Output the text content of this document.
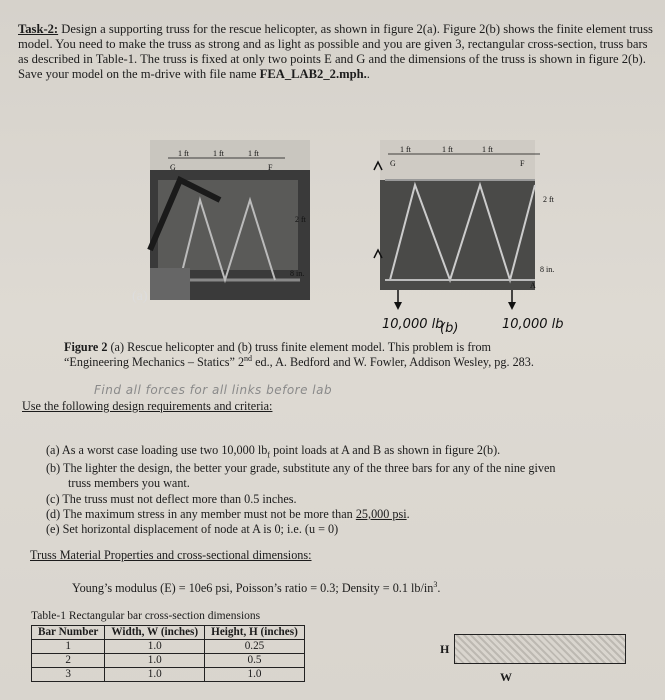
Task-2: Design a supporting truss for the rescue helicopter, as shown in figure 2(a). Figure 2(b) shows the finite element truss model. You need to make the truss as strong and as light as possible and you are given 3, rectangular cross-section, truss bars as described in Table-1. The truss is fixed at only two points E and G and the dimensions of the truss is shown in figure 2(b). Save your model on the m-drive with file name FEA_LAB2_2.mph..

1 ft	1 ft	1 ft
G	F
2 ft
8 in.
(a)
1 ft	1 ft	1 ft
G	F
A
2 ft
8 in.
10,000 lb
(b)	10,000 lb

Figure 2 (a) Rescue helicopter and (b) truss finite element model. This problem is from “Engineering Mechanics – Statics” 2nd ed., A. Bedford and W. Fowler, Addison Wesley, pg. 283.

Find all forces for all links before lab

Use the following design requirements and criteria:

(a) As a worst case loading use two 10,000 $lb_f$ point loads at A and B as shown in figure 2(b).
(b) The lighter the design, the better your grade, substitute any of the three bars for any of the nine given
truss members you want.
(c) The truss must not deflect more than 0.5 inches.
(d) The maximum stress in any member must not be more than 25,000 psi.
(e) Set horizontal displacement of node at A is 0; i.e. (u = 0)

Truss Material Properties and cross-sectional dimensions:

Young’s modulus (E) = 10e6 psi, Poisson’s ratio = 0.3; Density = 0.1 $lb/in^3$.

Table-1 Rectangular bar cross-section dimensions

Bar Number	Width, W (inches)	Height, H (inches)
1	1.0	0.25
2	1.0	0.5
3	1.0	1.0
H
W
